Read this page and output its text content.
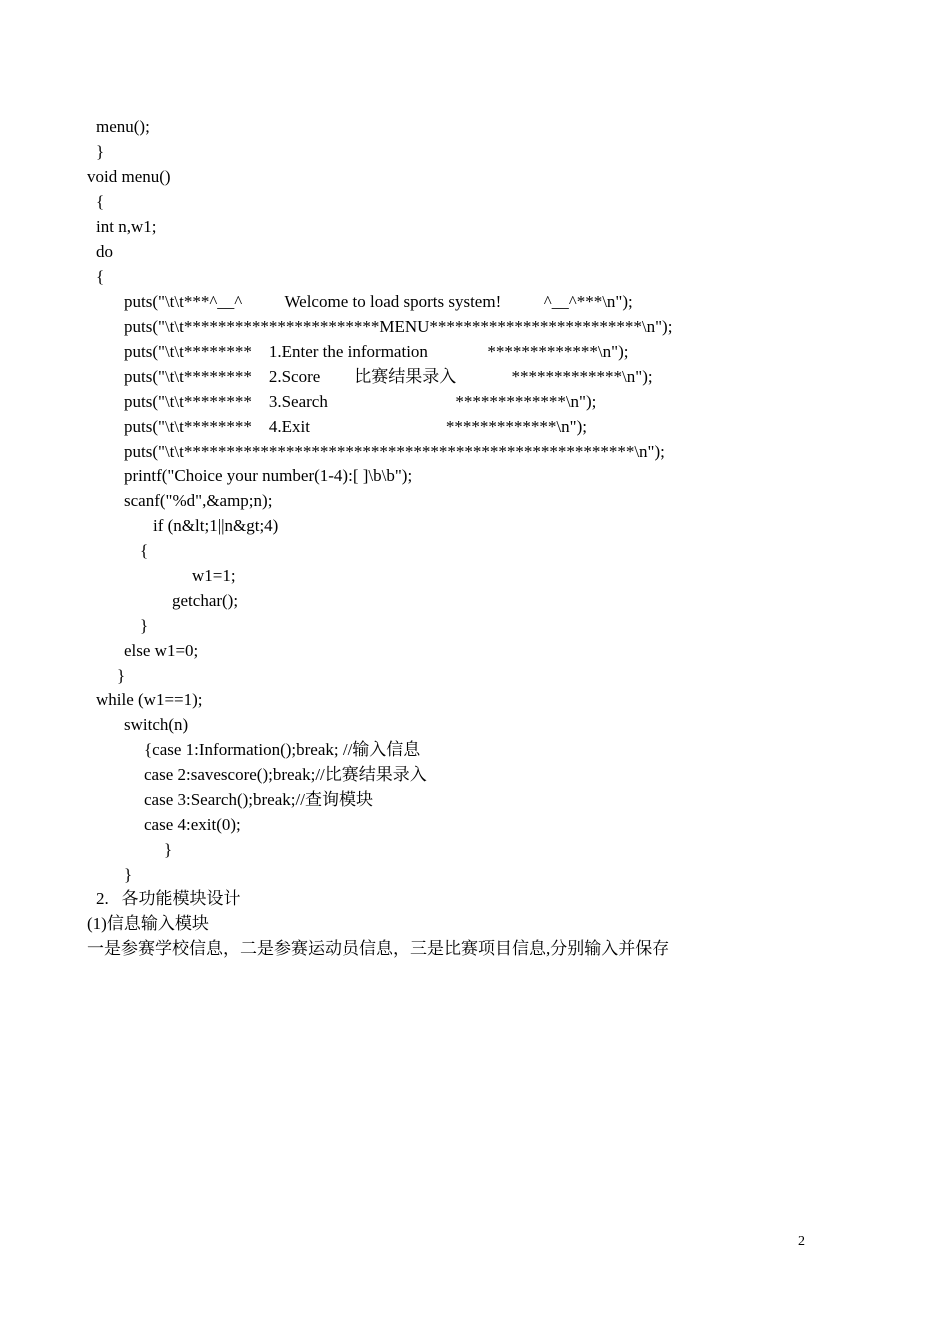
menu();
}
void menu()
{
int n,w1;
do
{
puts("\t\t***^__^          Welcome to load sports system!          ^__^***\n");
puts("\t\t***********************MENU*************************\n");
puts("\t\t********    1.Enter the information              *************\n");
puts("\t\t********    2.Score        比赛结果录入             *************\n");
puts("\t\t********    3.Search                              *************\n");
puts("\t\t********    4.Exit                                *************\n");
puts("\t\t*****************************************************\n");
printf("Choice your number(1-4):[ ]\b\b");
scanf("%d",&amp;n);
if (n&lt;1||n&gt;4)
{
w1=1;
getchar();
}
else w1=0;
}
while (w1==1);
switch(n)
{case 1:Information();break; //输入信息
case 2:savescore();break;//比赛结果录入
case 3:Search();break;//查询模块
case 4:exit(0);
}
}
2.   各功能模块设计
(1)信息输入模块
一是参赛学校信息，二是参赛运动员信息，三是比赛项目信息,分别输入并保存
2
